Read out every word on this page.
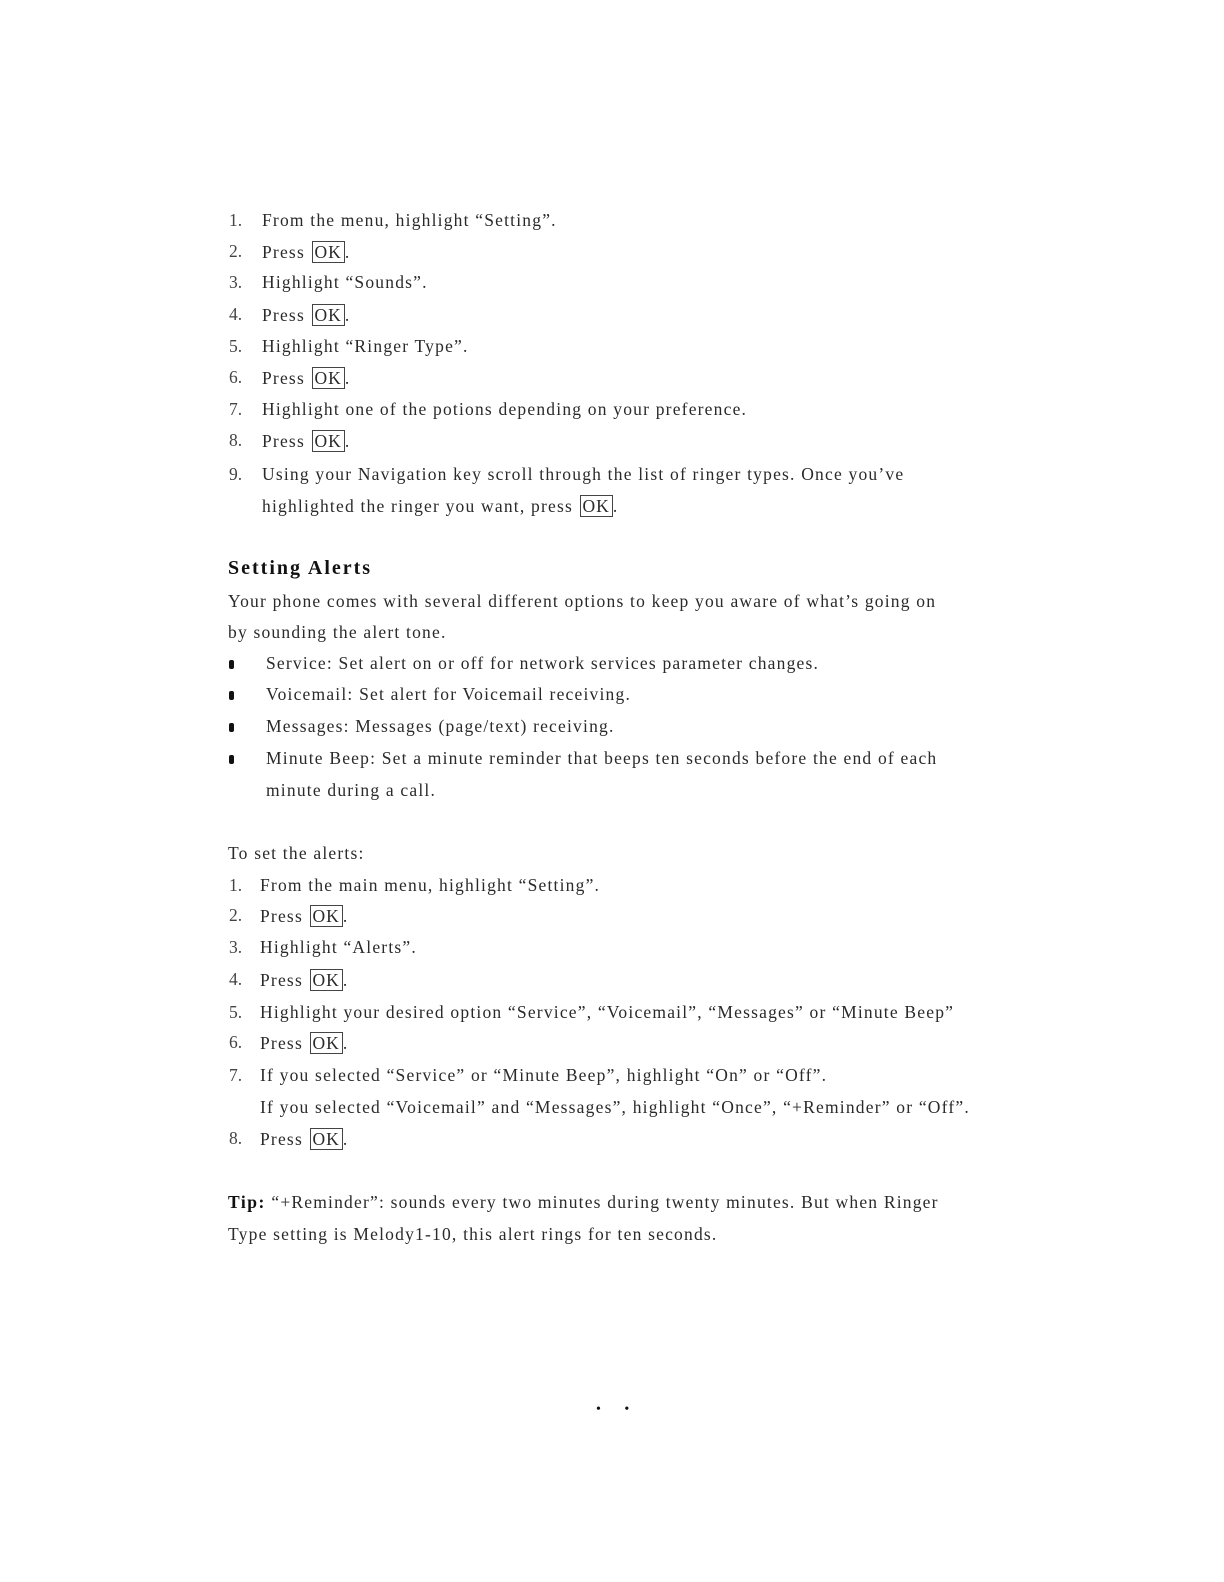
1. From the menu, highlight “Setting”.
2. Press OK .
3. Highlight “Sounds”.
4. Press OK .
5. Highlight “Ringer Type”.
6. Press OK .
7. Highlight one of the potions depending on your preference.
8. Press OK .
9. Using your Navigation key scroll through the list of ringer types. Once you’ve
highlighted the ringer you want, press OK .
Setting Alerts
Your phone comes with several different options to keep you aware of what’s going on
by sounding the alert tone.
Service: Set alert on or off for network services parameter changes.
Voicemail: Set alert for Voicemail receiving.
Messages: Messages (page/text) receiving.
Minute Beep: Set a minute reminder that beeps ten seconds before the end of each
minute during a call.
To set the alerts:
1. From the main menu, highlight “Setting”.
2. Press OK .
3. Highlight “Alerts”.
4. Press OK .
5. Highlight your desired option “Service”, “Voicemail”, “Messages” or “Minute Beep”
6. Press OK .
7. If you selected “Service” or “Minute Beep”, highlight “On” or “Off”.
If you selected “Voicemail” and “Messages”, highlight “Once”, “+Reminder” or “Off”.
8. Press OK .
Tip: “+Reminder”: sounds every two minutes during twenty minutes. But when Ringer
Type setting is Melody1-10, this alert rings for ten seconds.
• •
